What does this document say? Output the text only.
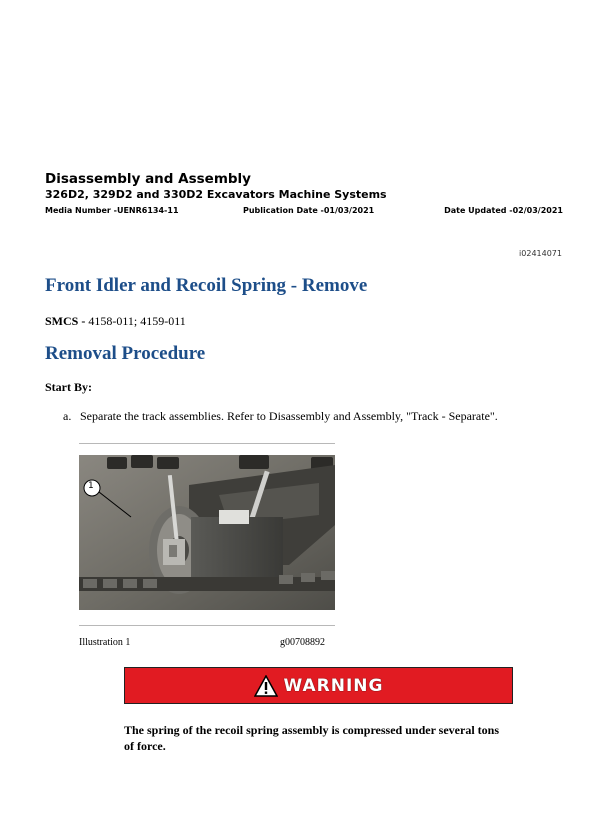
Disassembly and Assembly
326D2, 329D2 and 330D2 Excavators Machine Systems
Media Number -UENR6134-11	Publication Date -01/03/2021	Date Updated -02/03/2021
i02414071
Front Idler and Recoil Spring - Remove
SMCS - 4158-011; 4159-011
Removal Procedure
Start By:
a. Separate the track assemblies. Refer to Disassembly and Assembly, "Track - Separate".
1
Illustration 1	g00708892
WARNING
The spring of the recoil spring assembly is compressed under several tons of force.
